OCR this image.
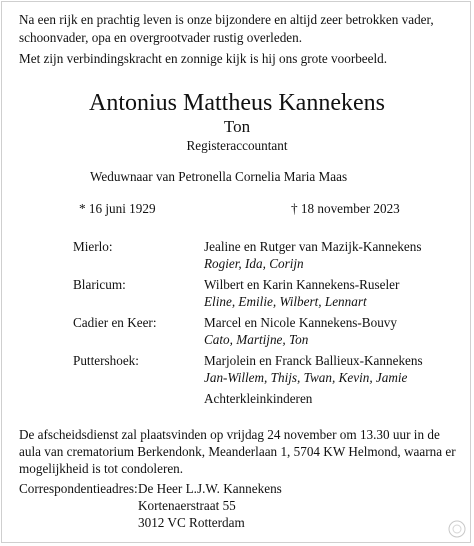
Na een rijk en prachtig leven is onze bijzondere en altijd zeer betrokken vader,
schoonvader, opa en overgrootvader rustig overleden.
Met zijn verbindingskracht en zonnige kijk is hij ons grote voorbeeld.
Antonius Mattheus Kannekens
Ton
Registeraccountant
Weduwnaar van Petronella Cornelia Maria Maas
* 16 juni 1929	† 18 november 2023
Mierlo:	Jealine en Rutger van Mazijk-Kannekens
Rogier, Ida, Corijn
Blaricum:	Wilbert en Karin Kannekens-Ruseler
Eline, Emilie, Wilbert, Lennart
Cadier en Keer:	Marcel en Nicole Kannekens-Bouvy
Cato, Martijne, Ton
Puttershoek:	Marjolein en Franck Ballieux-Kannekens
Jan-Willem, Thijs, Twan, Kevin, Jamie
Achterkleinkinderen
De afscheidsdienst zal plaatsvinden op vrijdag 24 november om 13.30 uur in de
aula van crematorium Berkendonk, Meanderlaan 1, 5704 KW Helmond, waarna er
mogelijkheid is tot condoleren.
Correspondentieadres: De Heer L.J.W. Kannekens
Kortenaerstraat 55
3012 VC Rotterdam
